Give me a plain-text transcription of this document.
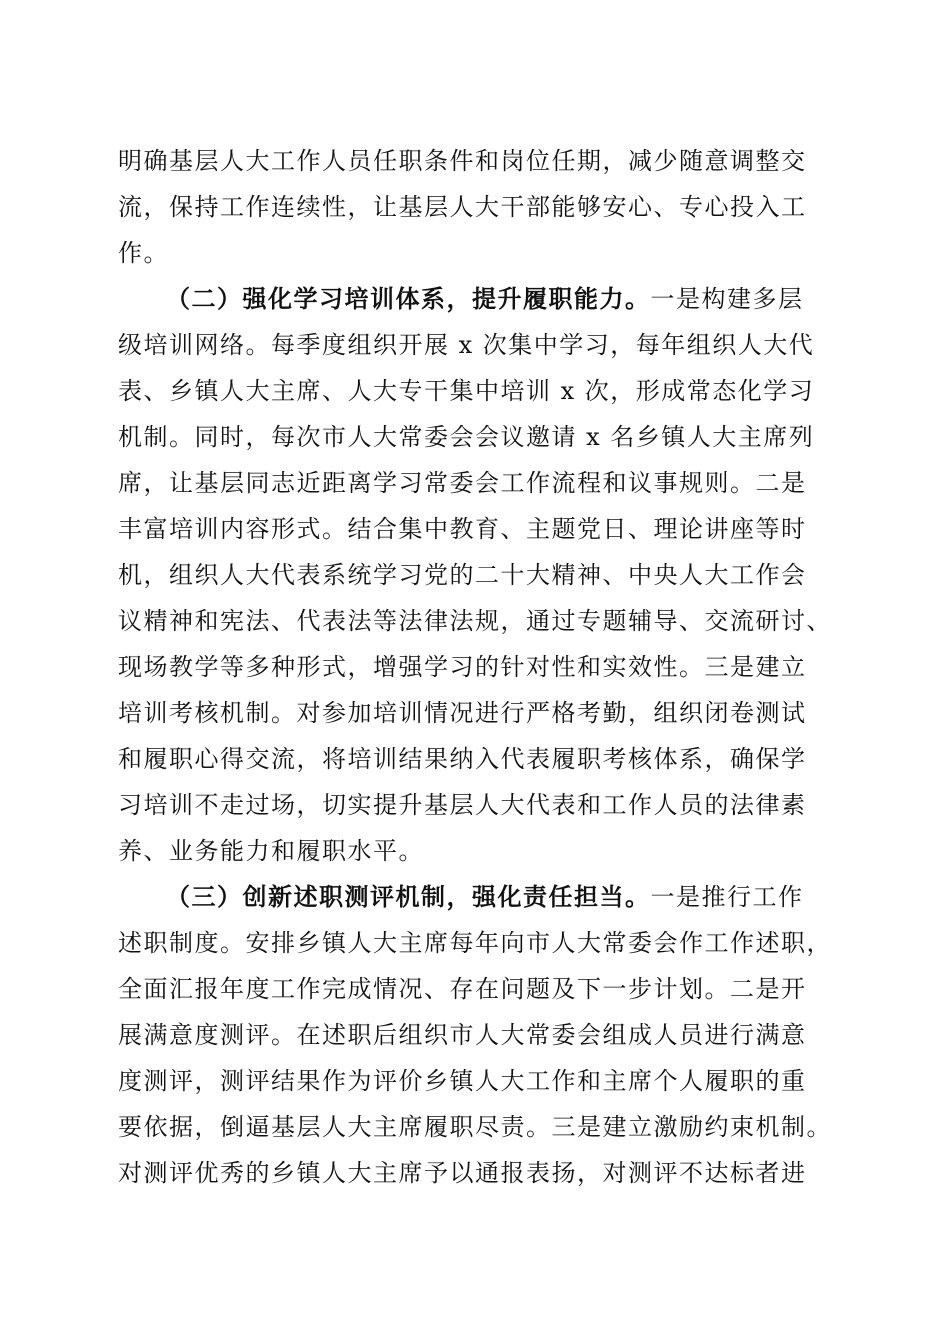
明确基层人大工作人员任职条件和岗位任期，减少随意调整交
流，保持工作连续性，让基层人大干部能够安心、专心投入工
作。
（二）强化学习培训体系，提升履职能力。一是构建多层
级培训网络。每季度组织开展 x 次集中学习，每年组织人大代
表、乡镇人大主席、人大专干集中培训 x 次，形成常态化学习
机制。同时，每次市人大常委会会议邀请 x 名乡镇人大主席列
席，让基层同志近距离学习常委会工作流程和议事规则。二是
丰富培训内容形式。结合集中教育、主题党日、理论讲座等时
机，组织人大代表系统学习党的二十大精神、中央人大工作会
议精神和宪法、代表法等法律法规，通过专题辅导、交流研讨、
现场教学等多种形式，增强学习的针对性和实效性。三是建立
培训考核机制。对参加培训情况进行严格考勤，组织闭卷测试
和履职心得交流，将培训结果纳入代表履职考核体系，确保学
习培训不走过场，切实提升基层人大代表和工作人员的法律素
养、业务能力和履职水平。
（三）创新述职测评机制，强化责任担当。一是推行工作
述职制度。安排乡镇人大主席每年向市人大常委会作工作述职，
全面汇报年度工作完成情况、存在问题及下一步计划。二是开
展满意度测评。在述职后组织市人大常委会组成人员进行满意
度测评，测评结果作为评价乡镇人大工作和主席个人履职的重
要依据，倒逼基层人大主席履职尽责。三是建立激励约束机制。
对测评优秀的乡镇人大主席予以通报表扬，对测评不达标者进
